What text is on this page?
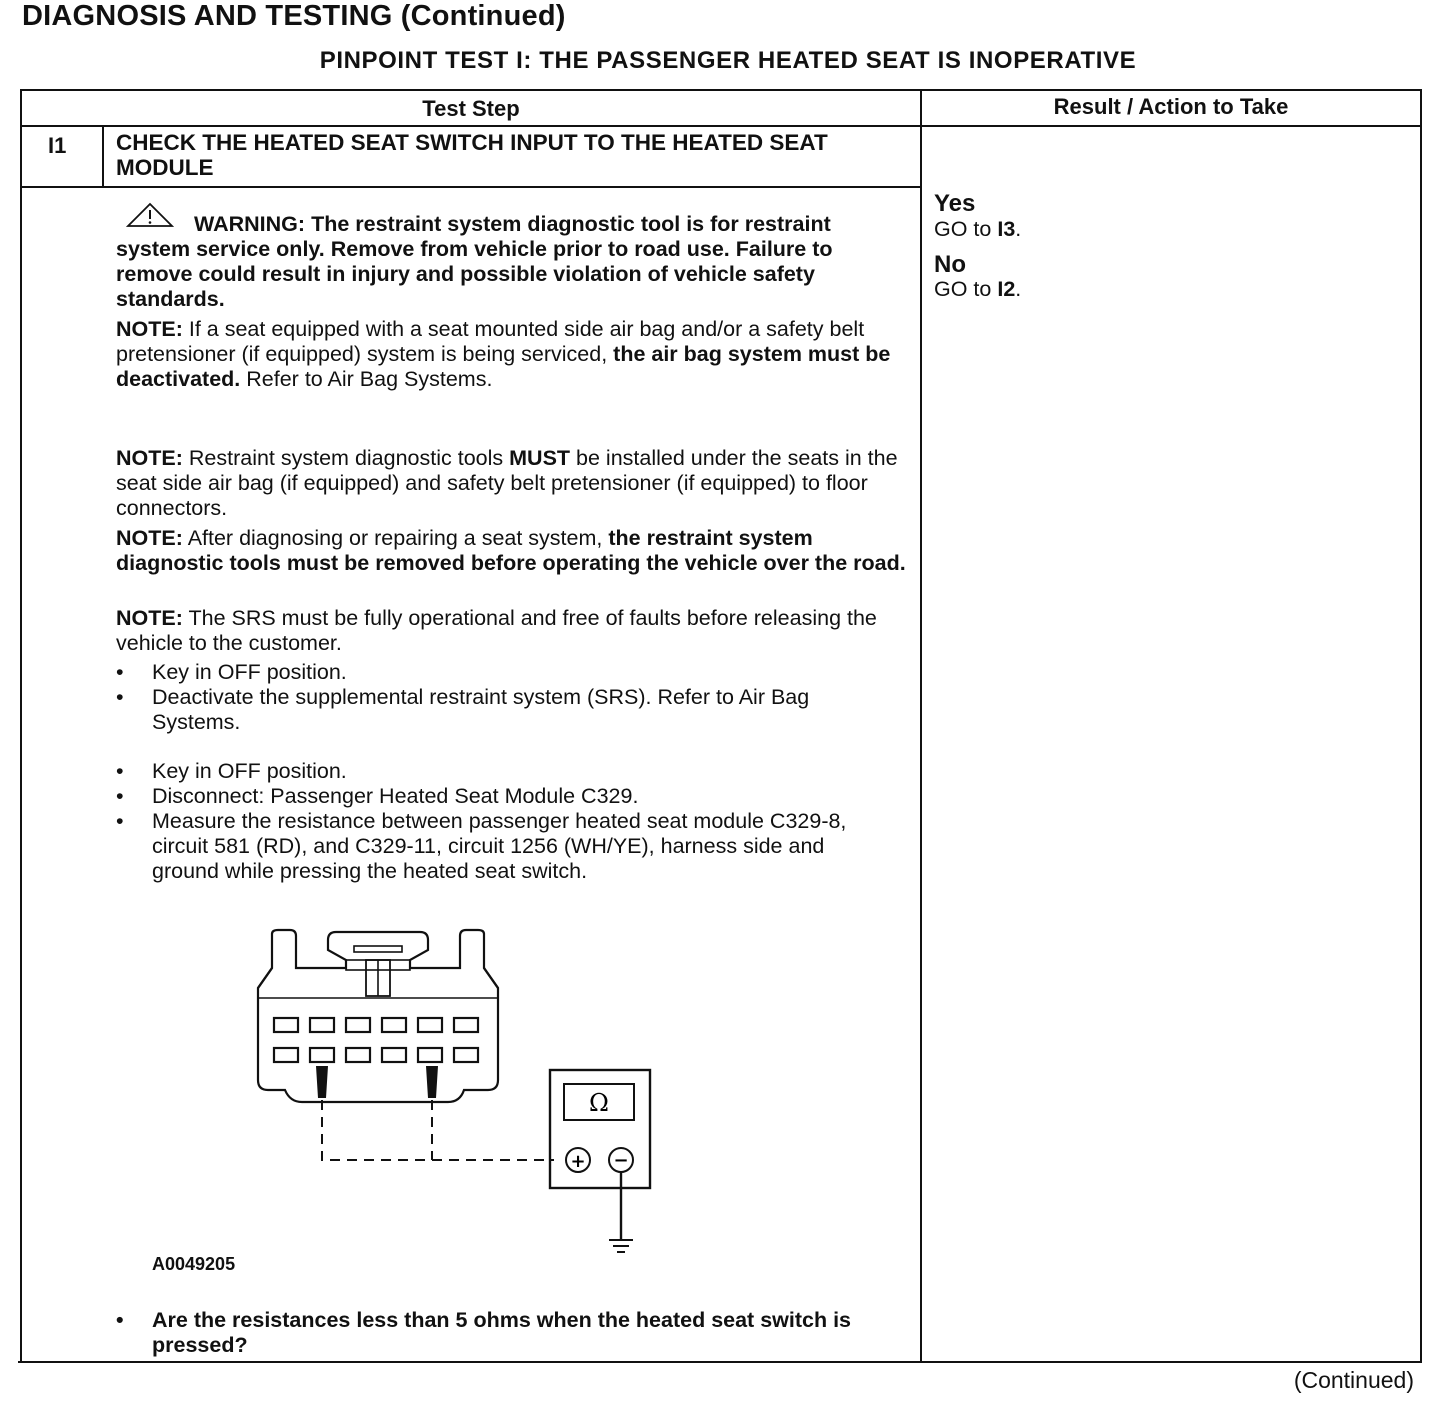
DIAGNOSIS AND TESTING (Continued)
PINPOINT TEST I: THE PASSENGER HEATED SEAT IS INOPERATIVE
Test Step	Result / Action to Take
I1 CHECK THE HEATED SEAT SWITCH INPUT TO THE HEATED SEAT MODULE
WARNING: The restraint system diagnostic tool is for restraint system service only. Remove from vehicle prior to road use. Failure to remove could result in injury and possible violation of vehicle safety standards.
NOTE: If a seat equipped with a seat mounted side air bag and/or a safety belt pretensioner (if equipped) system is being serviced, the air bag system must be deactivated. Refer to Air Bag Systems.
NOTE: Restraint system diagnostic tools MUST be installed under the seats in the seat side air bag (if equipped) and safety belt pretensioner (if equipped) to floor connectors.
NOTE: After diagnosing or repairing a seat system, the restraint system diagnostic tools must be removed before operating the vehicle over the road.
NOTE: The SRS must be fully operational and free of faults before releasing the vehicle to the customer.
• Key in OFF position.
• Deactivate the supplemental restraint system (SRS). Refer to Air Bag Systems.
• Key in OFF position.
• Disconnect: Passenger Heated Seat Module C329.
• Measure the resistance between passenger heated seat module C329-8, circuit 581 (RD), and C329-11, circuit 1256 (WH/YE), harness side and ground while pressing the heated seat switch.
Ω
+ −
A0049205
• Are the resistances less than 5 ohms when the heated seat switch is pressed?
Yes
GO to I3.
No
GO to I2.
(Continued)
